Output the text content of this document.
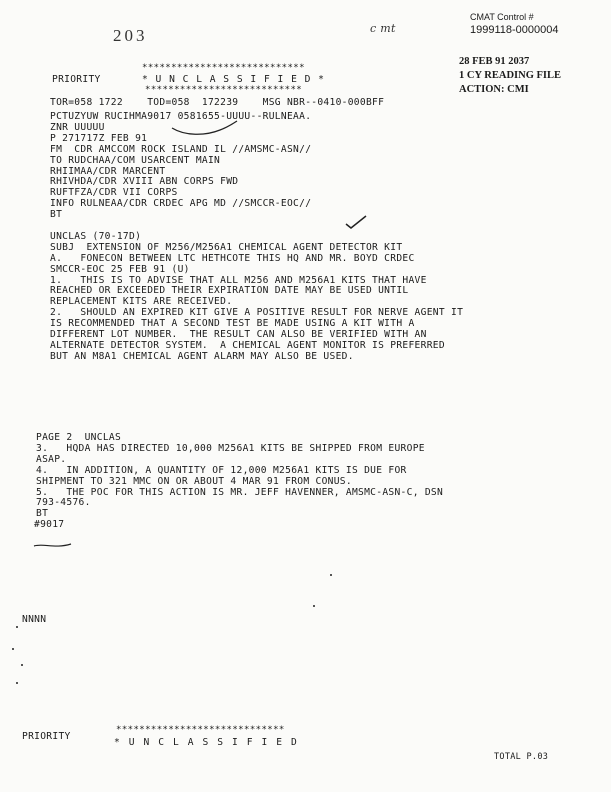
203	c mt
CMAT Control #
1999118-0000004
28 FEB 91 2037
1 CY READING FILE
ACTION: CMI
****************************
PRIORITY	* U N C L A S S I F I E D *
***************************
TOR=058 1722    TOD=058  172239    MSG NBR--0410-000BFF
PCTUZYUW RUCIHMA9017 0581655-UUUU--RULNEAA.
ZNR UUUUU
P 271717Z FEB 91
FM  CDR AMCCOM ROCK ISLAND IL //AMSMC-ASN//
TO RUDCHAA/COM USARCENT MAIN
RHIIMAA/CDR MARCENT
RHIVHDA/CDR XVIII ABN CORPS FWD
RUFTFZA/CDR VII CORPS
INFO RULNEAA/CDR CRDEC APG MD //SMCCR-EOC//
BT
UNCLAS (70-17D)
SUBJ  EXTENSION OF M256/M256A1 CHEMICAL AGENT DETECTOR KIT
A.   FONECON BETWEEN LTC HETHCOTE THIS HQ AND MR. BOYD CRDEC
SMCCR-EOC 25 FEB 91 (U)
1.   THIS IS TO ADVISE THAT ALL M256 AND M256A1 KITS THAT HAVE
REACHED OR EXCEEDED THEIR EXPIRATION DATE MAY BE USED UNTIL
REPLACEMENT KITS ARE RECEIVED.
2.   SHOULD AN EXPIRED KIT GIVE A POSITIVE RESULT FOR NERVE AGENT IT
IS RECOMMENDED THAT A SECOND TEST BE MADE USING A KIT WITH A
DIFFERENT LOT NUMBER.  THE RESULT CAN ALSO BE VERIFIED WITH AN
ALTERNATE DETECTOR SYSTEM.  A CHEMICAL AGENT MONITOR IS PREFERRED
BUT AN M8A1 CHEMICAL AGENT ALARM MAY ALSO BE USED.
PAGE 2  UNCLAS
3.   HQDA HAS DIRECTED 10,000 M256A1 KITS BE SHIPPED FROM EUROPE
ASAP.
4.   IN ADDITION, A QUANTITY OF 12,000 M256A1 KITS IS DUE FOR
SHIPMENT TO 321 MMC ON OR ABOUT 4 MAR 91 FROM CONUS.
5.   THE POC FOR THIS ACTION IS MR. JEFF HAVENNER, AMSMC-ASN-C, DSN
793-4576.
BT
#9017
NNNN
*****************************
PRIORITY
* U N C L A S S I F I E D
TOTAL P.03
